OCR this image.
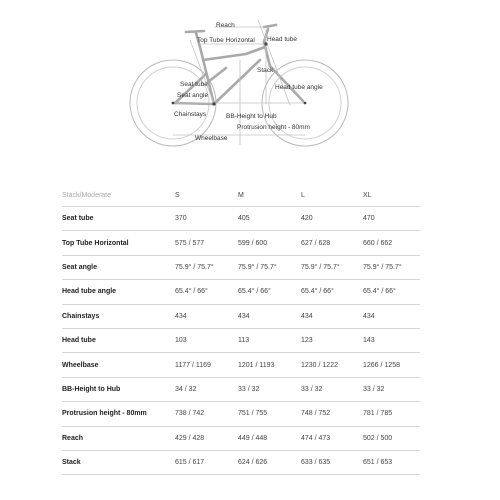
Reach
Top Tube Horizontal Head tube
Stack
Seat tube
Seat angle
Head tube angle
Chainstays	BB-Height to Hub
Protrusion height - 80mm
Wheelbase
Stack/Moderate	S	M	L	XL
Seat tube	370	405	420	470
Top Tube Horizontal	575 / 577	599 / 600	627 / 628	660 / 662
Seat angle	75.9° / 75.7°	75.9° / 75.7°	75.9° / 75.7°	75.9° / 75.7°
Head tube angle	65.4° / 66°	65.4° / 66°	65.4° / 66°	65.4° / 66°
Chainstays	434	434	434	434
Head tube	103	113	123	143
Wheelbase	1177 / 1169	1201 / 1193	1230 / 1222	1266 / 1258
BB-Height to Hub	34 / 32	33 / 32	33 / 32	33 / 32
Protrusion height - 80mm	738 / 742	751 / 755	748 / 752	781 / 785
Reach	429 / 428	449 / 448	474 / 473	502 / 500
Stack	615 / 617	624 / 626	633 / 635	651 / 653
